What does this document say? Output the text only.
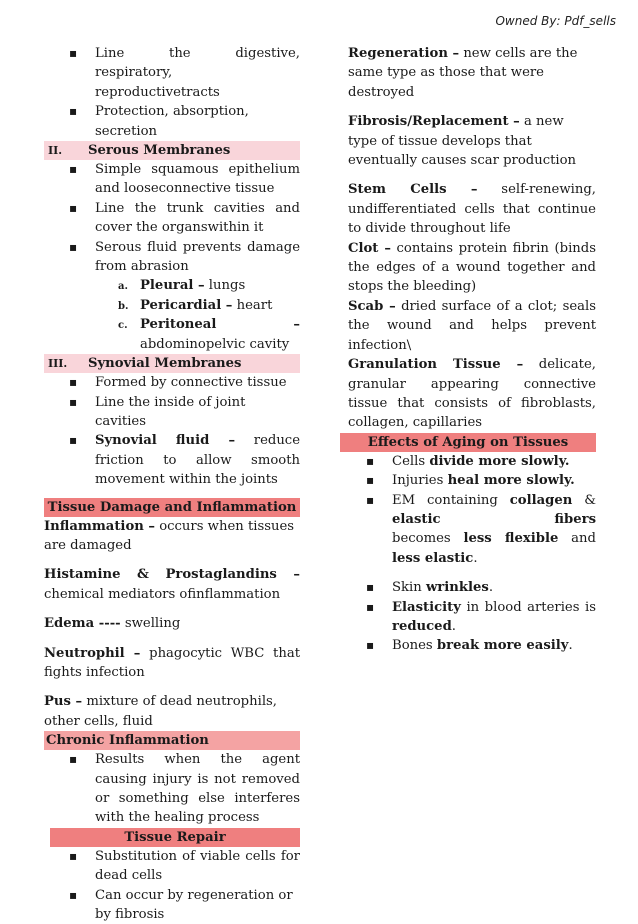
Owned By: Pdf_sells

▪ Line the digestive, respiratory, reproductivetracts

▪ Protection, absorption, secretion

II. Serous Membranes

▪ Simple squamous epithelium and looseconnective tissue

▪ Line the trunk cavities and cover the organswithin it

▪ Serous fluid prevents damage from abrasion

a. Pleural – lungs

b. Pericardial – heart

c. Peritoneal	–

abdominopelvic cavity

III. Synovial Membranes

▪ Formed by connective tissue

▪ Line the inside of joint cavities

▪ Synovial fluid – reduce friction to allow smooth movement within the joints

Tissue Damage and Inflammation

Inflammation – occurs when tissues are damaged

Histamine & Prostaglandins – chemical mediators ofinflammation

Edema ---- swelling

Neutrophil – phagocytic WBC that fights infection

Pus – mixture of dead neutrophils, other cells, fluid

Chronic Inflammation

▪ Results when the agent causing injury is not removed or something else interferes with the healing process

Tissue Repair

▪ Substitution of viable cells for dead cells

▪ Can occur by regeneration or by fibrosis

Regeneration – new cells are the same type as those that were destroyed

Fibrosis/Replacement – a new type of tissue develops that eventually causes scar production

Stem Cells – self-renewing, undifferentiated cells that continue to divide throughout life

Clot – contains protein fibrin (binds the edges of a wound together and stops the bleeding)

Scab – dried surface of a clot; seals the wound and helps prevent infection\

Granulation Tissue – delicate, granular appearing connective tissue that consists of fibroblasts, collagen, capillaries

Effects of Aging on Tissues

▪ Cells divide more slowly.

▪ Injuries heal more slowly.

▪ EM containing collagen & elastic fibers becomes less flexible and less elastic.

▪ Skin wrinkles.

▪ Elasticity in blood arteries is reduced.

▪ Bones break more easily.
